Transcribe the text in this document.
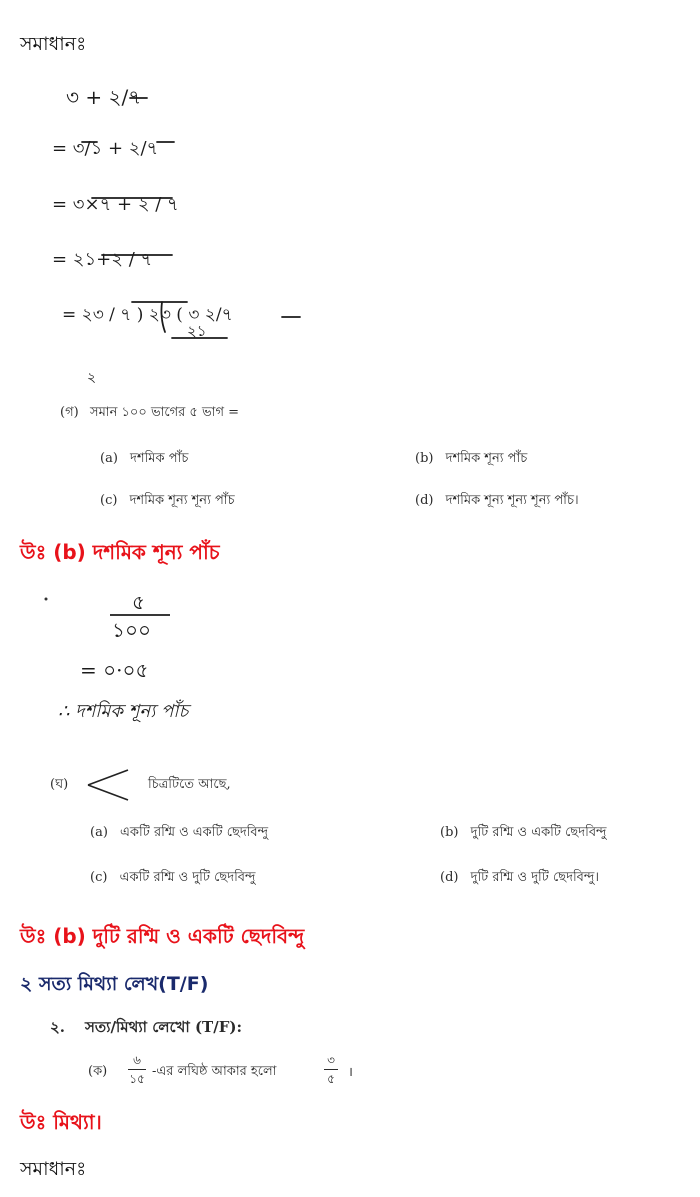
সমাধানঃ
৩ + ২/৭
= ৩/১ + ২/৭
= ৩×৭ + ২ / ৭
= ২১+২ / ৭
= ২৩ / ৭ ) ২৩ ( ৩ ২/৭
২১
২
(গ) সমান ১০০ ভাগের ৫ ভাগ =
(a) দশমিক পাঁচ	(b) দশমিক শূন্য পাঁচ
(c) দশমিক শূন্য শূন্য পাঁচ	(d) দশমিক শূন্য শূন্য শূন্য পাঁচ।
উঃ (b) দশমিক শূন্য পাঁচ
৫
১০০
= ০·০৫
∴ দশমিক শূন্য পাঁচ
(ঘ)	চিত্রটিতে আছে,
(a) একটি রশ্মি ও একটি ছেদবিন্দু	(b) দুটি রশ্মি ও একটি ছেদবিন্দু
(c) একটি রশ্মি ও দুটি ছেদবিন্দু	(d) দুটি রশ্মি ও দুটি ছেদবিন্দু।
উঃ (b) দুটি রশ্মি ও একটি ছেদবিন্দু
২ সত্য মিথ্যা লেখ(T/F)
২. সত্য/মিথ্যা লেখো (T/F):
(ক)
৬
১৫ -এর লঘিষ্ঠ আকার হলো
৩
৫ ।
উঃ মিথ্যা।
সমাধানঃ
